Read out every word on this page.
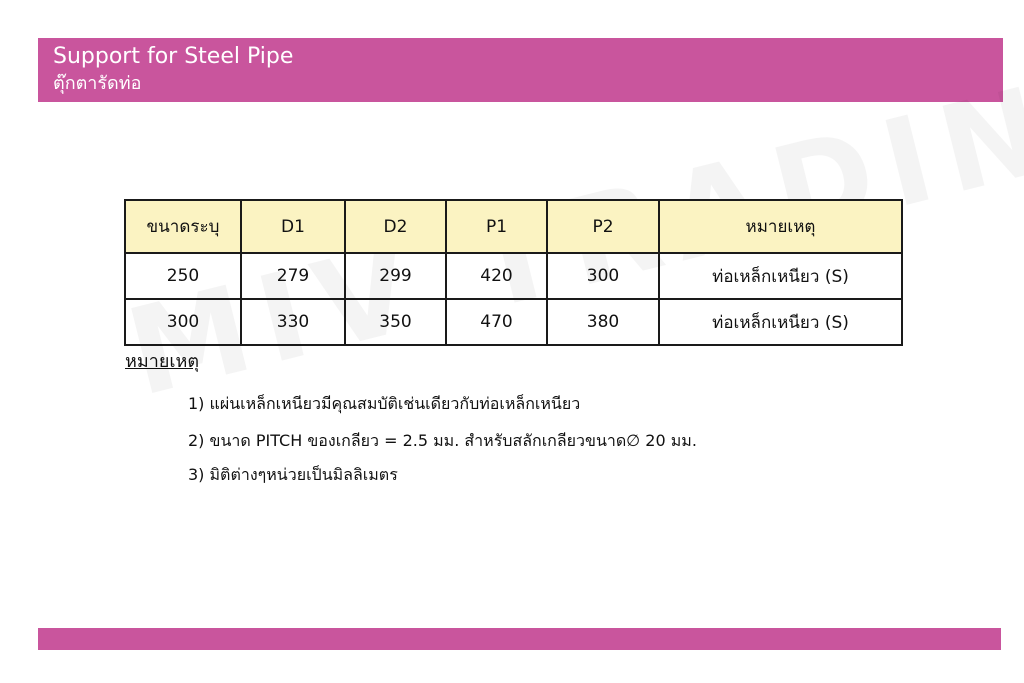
Support for Steel Pipe
ตุ๊กตารัดท่อ
ขนาดระบุ	D1	D2	P1	P2	หมายเหตุ
250	279	299	420	300	ท่อเหล็กเหนียว (S)
300	330	350	470	380	ท่อเหล็กเหนียว (S)
หมายเหตุ
1) แผ่นเหล็กเหนียวมีคุณสมบัติเช่นเดียวกับท่อเหล็กเหนียว
2) ขนาด PITCH ของเกลียว = 2.5 มม. สำหรับสลักเกลียวขนาด∅ 20 มม.
3) มิติต่างๆหน่วยเป็นมิลลิเมตร
